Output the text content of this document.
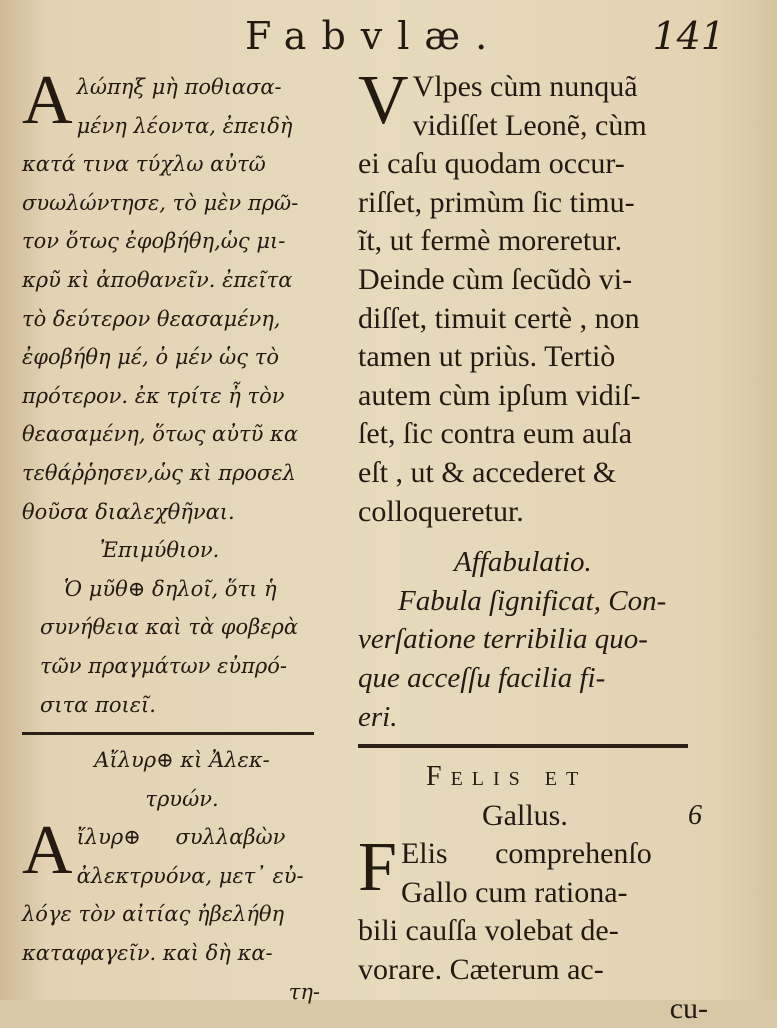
Fabvlæ.	141
A λώπηξ μὴ ποθιασα-
μένη λέοντα, ἐπειδὴ
κατά τινα τύχλω αὐτῶ
συωλώντησε, τὸ μὲν πρῶ-
τον ὅτως ἐφοβήθη,ὡς μι-
κρῦ κὶ ἀποθανεῖν. ἐπεῖτα
τὸ δεύτερον θεασαμένη,
ἐφοβήθη μέ, ὀ μέν ὡς τὸ
πρότερον. ἐκ τρίτε ἦ τὸν
θεασαμένη, ὅτως αὐτῦ κα
τεθάῤῥησεν,ὡς κὶ προσελ
θοῦσα διαλεχθῆναι.
Ἐπιμύθιον.
Ὁ μῦθ⊕ δηλοῖ, ὅτι ἡ
συνήθεια καὶ τὰ φοβερὰ
τῶν πραγμάτων εὐπρό-
σιτα ποιεῖ.
Αἴλυρ⊕ κὶ Ἀλεκ-
τρυών.
A ἴλυρ⊕ συλλαβὼν
ἀλεκτρυόνα, μετ᾽ εὐ-
λόγε τὸν αἰτίας ἠβελήθη
καταφαγεῖν. καὶ δὴ κα-
τη-
V Vlpes cùm nunquã
vidiſſet Leonẽ, cùm
ei caſu quodam occur-
riſſet, primùm ſic timu-
ĩt, ut fermè moreretur.
Deinde cùm ſecũdò vi-
diſſet, timuit certè , non
tamen ut priùs. Tertiò
autem cùm ipſum vidiſ-
ſet, ſic contra eum auſa
eſt , ut & accederet &
colloqueretur.
Affabulatio.
Fabula ſignificat, Con-
verſatione terribilia quo-
que acceſſu facilia fi-
eri.
Felis et
Gallus.	6
F Elis comprehenſo
Gallo cum rationa-
bili cauſſa volebat de-
vorare. Cæterum ac-
cu-
